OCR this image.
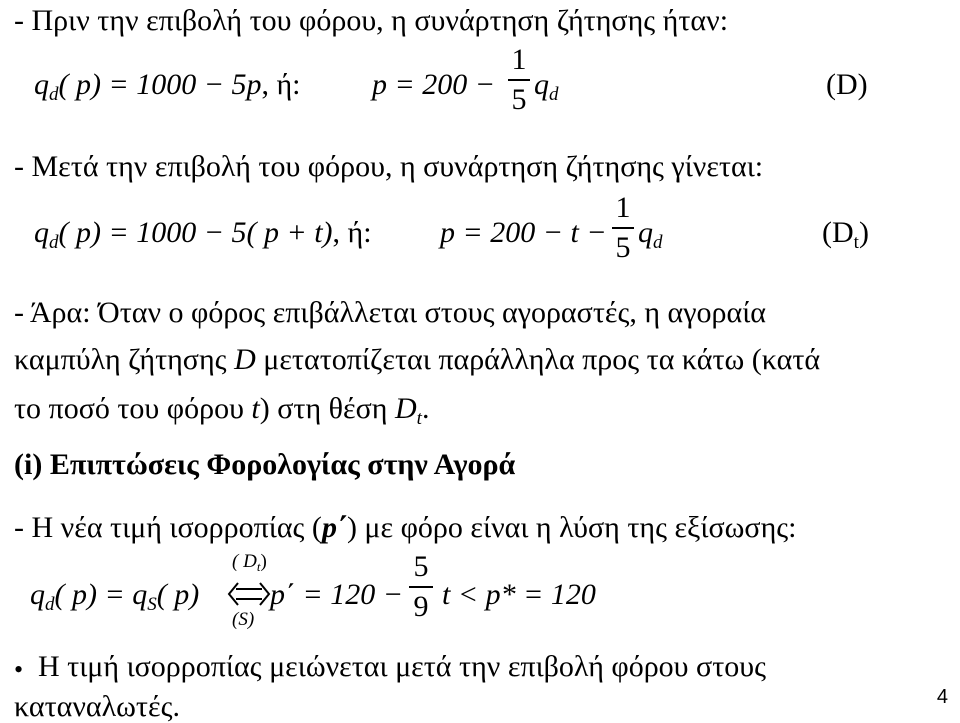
- Πριν την επιβολή του φόρου, η συνάρτηση ζήτησης ήταν:
$q_d$( p) = 1000 − 5p, ή: p = 200 −
1
5 $q_d$	(D)
- Μετά την επιβολή του φόρου, η συνάρτηση ζήτησης γίνεται:
$q_d$( p) = 1000 − 5( p + t), ή: p = 200 − t −
1
5 $q_d$	$(D_t)$
- Άρα: Όταν ο φόρος επιβάλλεται στους αγοραστές, η αγοραία
καμπύλη ζήτησης D μετατοπίζεται παράλληλα προς τα κάτω (κατά
το ποσό του φόρου t) στη θέση $D_t$.
(i) Επιπτώσεις Φορολογίας στην Αγορά
- Η νέα τιμή ισορροπίας (p΄) με φόρο είναι η λύση της εξίσωσης:
$q_d$( $p) = q_S$( p)
( $D_t$)
(S)
p΄ = 120 −
5
9 t < p* = 120
• Η τιμή ισορροπίας μειώνεται μετά την επιβολή φόρου στους
καταναλωτές.	4
